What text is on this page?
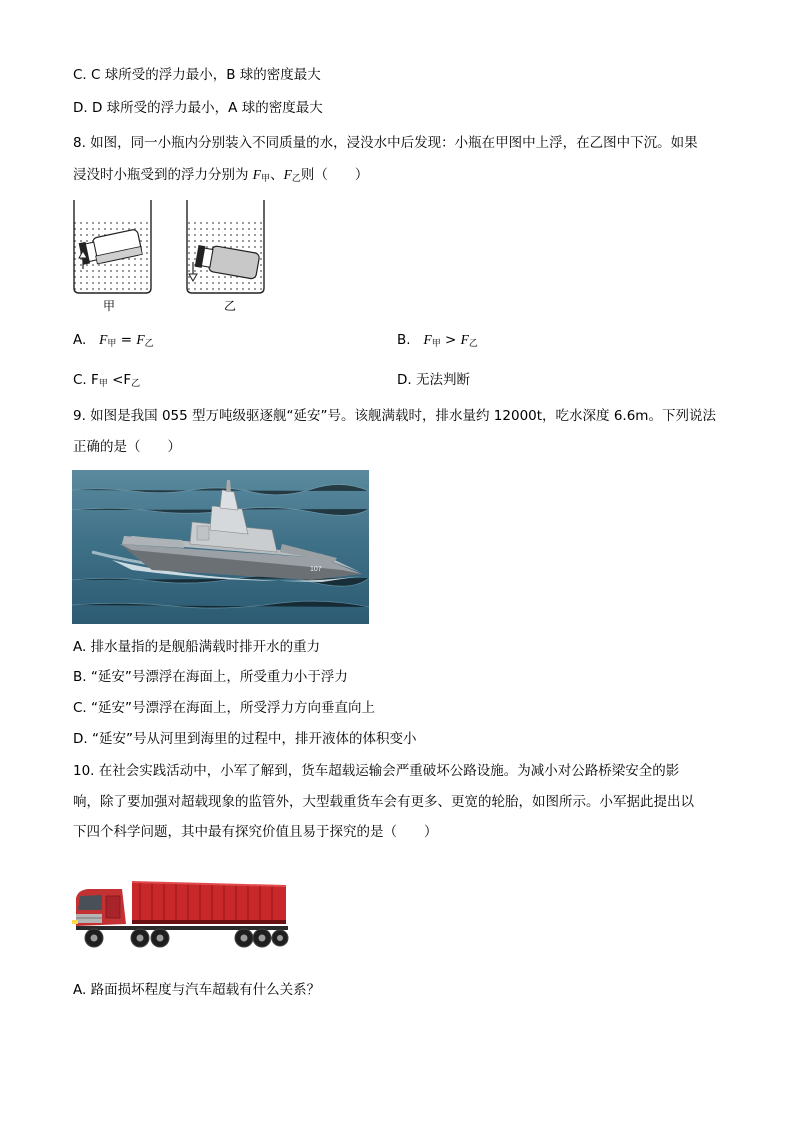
C. C 球所受的浮力最小，B 球的密度最大
D. D 球所受的浮力最小，A 球的密度最大
8. 如图，同一小瓶内分别装入不同质量的水，浸没水中后发现：小瓶在甲图中上浮，在乙图中下沉。如果
浸没时小瓶受到的浮力分别为 $F_甲$、$F_乙$则（　　）
甲	乙
A. $F_甲 = F_乙$	B. $F_甲 > F_乙$
C. $F_甲 <F_乙$	D. 无法判断
9. 如图是我国 055 型万吨级驱逐舰“延安”号。该舰满载时，排水量约 12000t，吃水深度 6.6m。下列说法
正确的是（　　）
107
A. 排水量指的是舰船满载时排开水的重力
B. “延安”号漂浮在海面上，所受重力小于浮力
C. “延安”号漂浮在海面上，所受浮力方向垂直向上
D. “延安”号从河里到海里的过程中，排开液体的体积变小
10. 在社会实践活动中，小军了解到，货车超载运输会严重破坏公路设施。为减小对公路桥梁安全的影
响，除了要加强对超载现象的监管外，大型载重货车会有更多、更宽的轮胎，如图所示。小军据此提出以
下四个科学问题，其中最有探究价值且易于探究的是（　　）
A. 路面损坏程度与汽车超载有什么关系？
